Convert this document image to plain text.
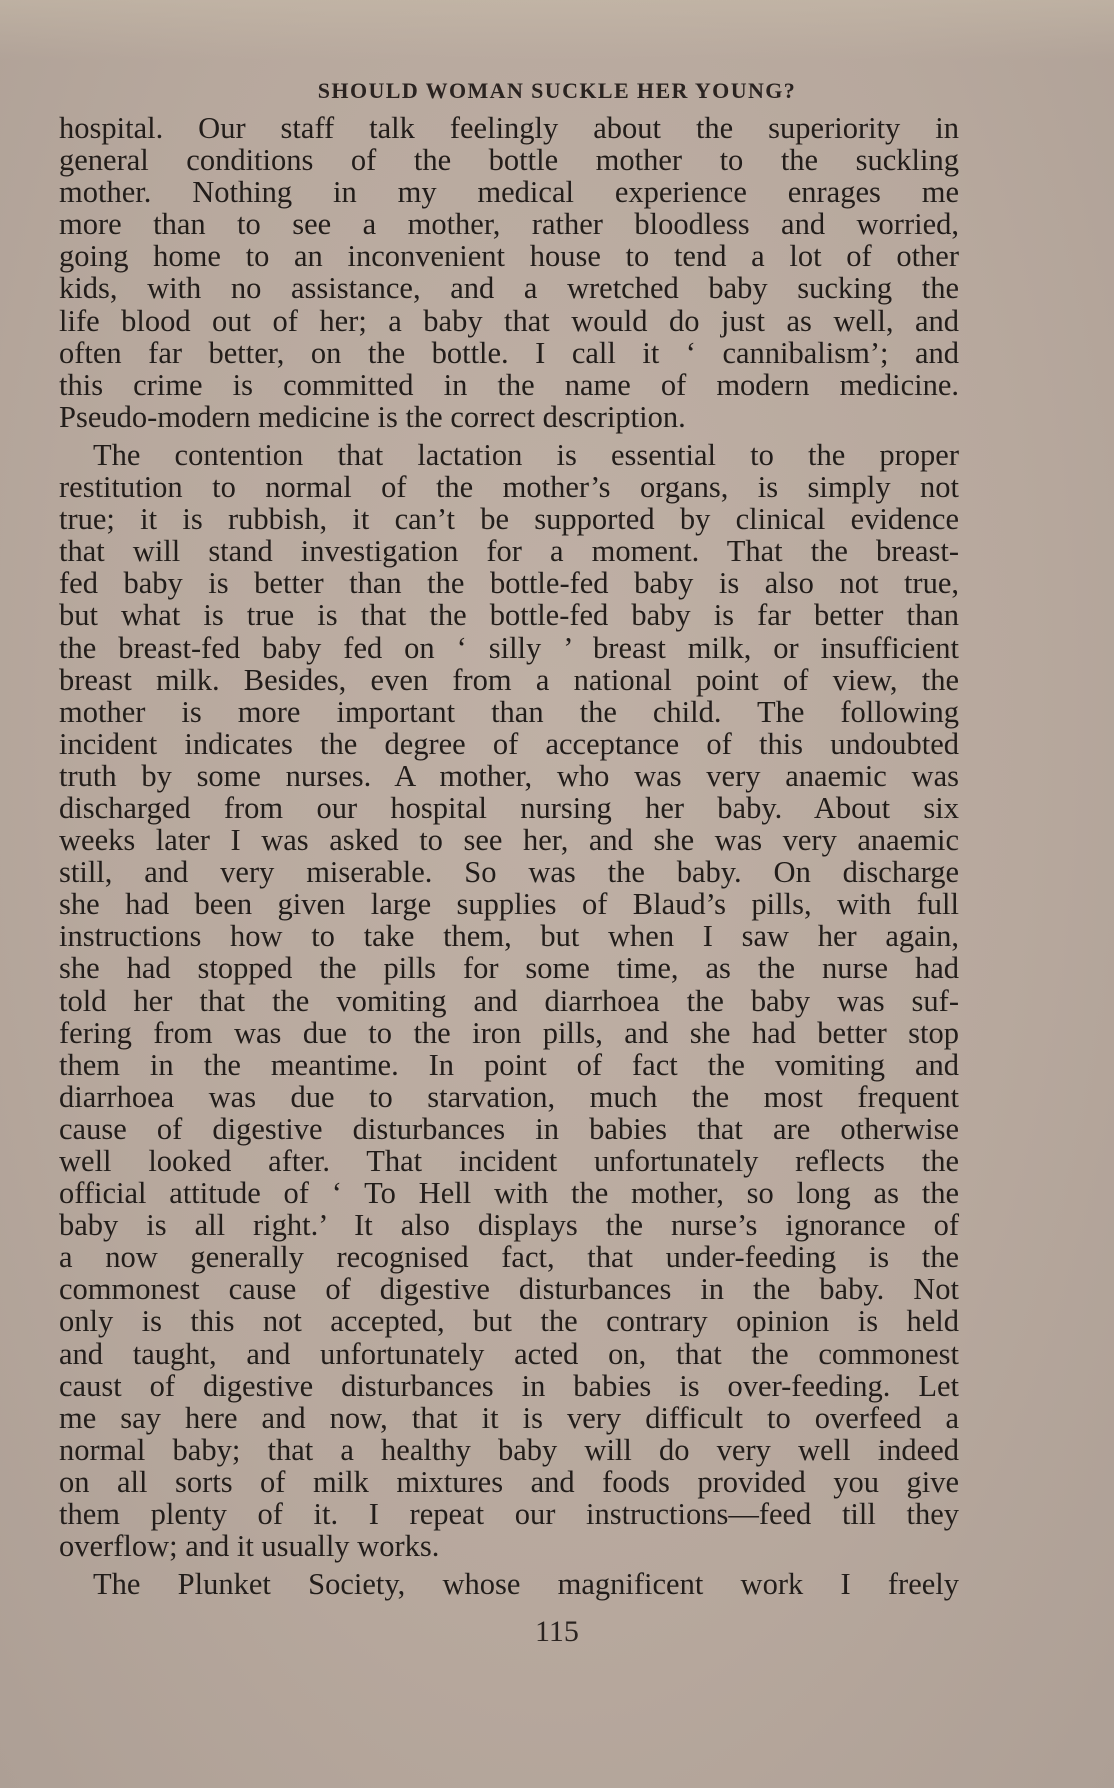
SHOULD WOMAN SUCKLE HER YOUNG?
hospital. Our staff talk feelingly about the superiority in
general conditions of the bottle mother to the suckling
mother. Nothing in my medical experience enrages me
more than to see a mother, rather bloodless and worried,
going home to an inconvenient house to tend a lot of other
kids, with no assistance, and a wretched baby sucking the
life blood out of her; a baby that would do just as well, and
often far better, on the bottle. I call it ‘ cannibalism’; and
this crime is committed in the name of modern medicine.
Pseudo-modern medicine is the correct description.
The contention that lactation is essential to the proper
restitution to normal of the mother’s organs, is simply not
true; it is rubbish, it can’t be supported by clinical evidence
that will stand investigation for a moment. That the breast-
fed baby is better than the bottle-fed baby is also not true,
but what is true is that the bottle-fed baby is far better than
the breast-fed baby fed on ‘ silly ’ breast milk, or insufficient
breast milk. Besides, even from a national point of view, the
mother is more important than the child. The following
incident indicates the degree of acceptance of this undoubted
truth by some nurses. A mother, who was very anaemic was
discharged from our hospital nursing her baby. About six
weeks later I was asked to see her, and she was very anaemic
still, and very miserable. So was the baby. On discharge
she had been given large supplies of Blaud’s pills, with full
instructions how to take them, but when I saw her again,
she had stopped the pills for some time, as the nurse had
told her that the vomiting and diarrhoea the baby was suf-
fering from was due to the iron pills, and she had better stop
them in the meantime. In point of fact the vomiting and
diarrhoea was due to starvation, much the most frequent
cause of digestive disturbances in babies that are otherwise
well looked after. That incident unfortunately reflects the
official attitude of ‘ To Hell with the mother, so long as the
baby is all right.’ It also displays the nurse’s ignorance of
a now generally recognised fact, that under-feeding is the
commonest cause of digestive disturbances in the baby. Not
only is this not accepted, but the contrary opinion is held
and taught, and unfortunately acted on, that the commonest
caust of digestive disturbances in babies is over-feeding. Let
me say here and now, that it is very difficult to overfeed a
normal baby; that a healthy baby will do very well indeed
on all sorts of milk mixtures and foods provided you give
them plenty of it. I repeat our instructions—feed till they
overflow; and it usually works.
The Plunket Society, whose magnificent work I freely
115
